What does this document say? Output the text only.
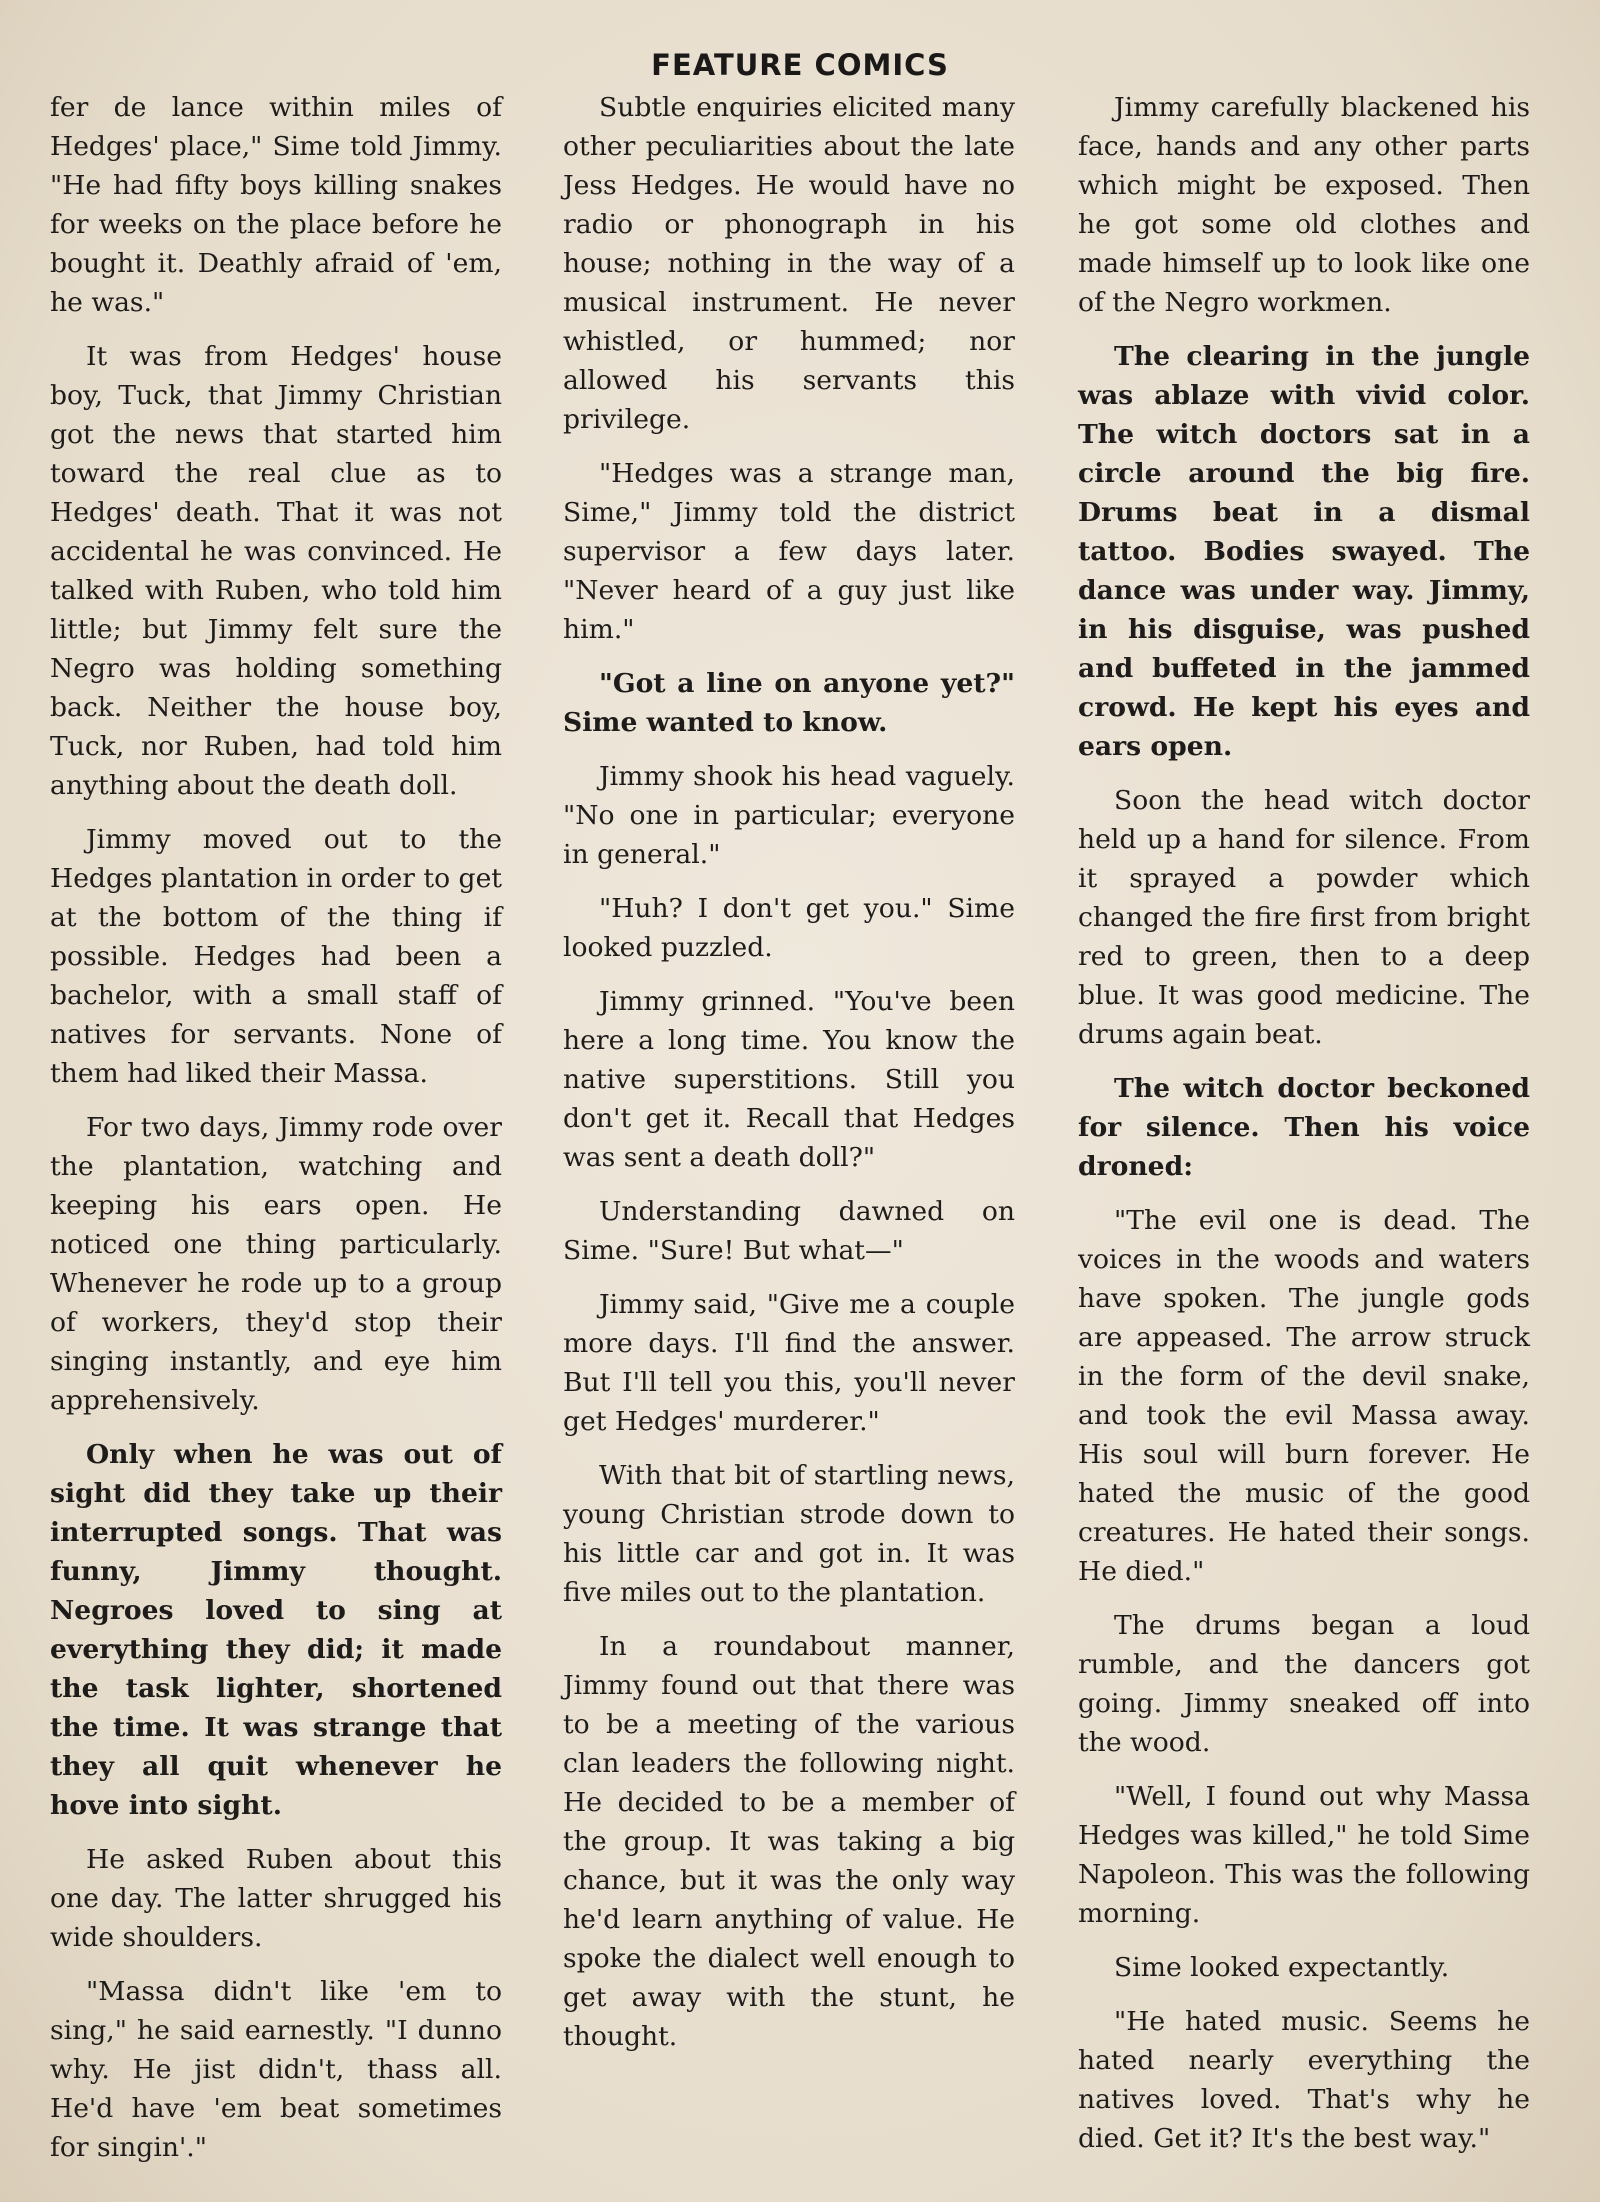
FEATURE COMICS

fer de lance within miles of Hedges' place," Sime told Jimmy. "He had fifty boys killing snakes for weeks on the place before he bought it. Deathly afraid of 'em, he was."

It was from Hedges' house boy, Tuck, that Jimmy Christian got the news that started him toward the real clue as to Hedges' death. That it was not accidental he was convinced. He talked with Ruben, who told him little; but Jimmy felt sure the Negro was holding something back. Neither the house boy, Tuck, nor Ruben, had told him anything about the death doll.

Jimmy moved out to the Hedges plantation in order to get at the bottom of the thing if possible. Hedges had been a bachelor, with a small staff of natives for servants. None of them had liked their Massa.

For two days, Jimmy rode over the plantation, watching and keeping his ears open. He noticed one thing particularly. Whenever he rode up to a group of workers, they'd stop their singing instantly, and eye him apprehensively.

Only when he was out of sight did they take up their interrupted songs. That was funny, Jimmy thought. Negroes loved to sing at everything they did; it made the task lighter, shortened the time. It was strange that they all quit whenever he hove into sight.

He asked Ruben about this one day. The latter shrugged his wide shoulders.

"Massa didn't like 'em to sing," he said earnestly. "I dunno why. He jist didn't, thass all. He'd have 'em beat sometimes for singin'."

Subtle enquiries elicited many other peculiarities about the late Jess Hedges. He would have no radio or phonograph in his house; nothing in the way of a musical instrument. He never whistled, or hummed; nor allowed his servants this privilege.

"Hedges was a strange man, Sime," Jimmy told the district supervisor a few days later. "Never heard of a guy just like him."

"Got a line on anyone yet?" Sime wanted to know.

Jimmy shook his head vaguely. "No one in particular; everyone in general."

"Huh? I don't get you." Sime looked puzzled.

Jimmy grinned. "You've been here a long time. You know the native superstitions. Still you don't get it. Recall that Hedges was sent a death doll?"

Understanding dawned on Sime. "Sure! But what—"

Jimmy said, "Give me a couple more days. I'll find the answer. But I'll tell you this, you'll never get Hedges' murderer."

With that bit of startling news, young Christian strode down to his little car and got in. It was five miles out to the plantation.

In a roundabout manner, Jimmy found out that there was to be a meeting of the various clan leaders the following night. He decided to be a member of the group. It was taking a big chance, but it was the only way he'd learn anything of value. He spoke the dialect well enough to get away with the stunt, he thought.

Jimmy carefully blackened his face, hands and any other parts which might be exposed. Then he got some old clothes and made himself up to look like one of the Negro workmen.

The clearing in the jungle was ablaze with vivid color. The witch doctors sat in a circle around the big fire. Drums beat in a dismal tattoo. Bodies swayed. The dance was under way. Jimmy, in his disguise, was pushed and buffeted in the jammed crowd. He kept his eyes and ears open.

Soon the head witch doctor held up a hand for silence. From it sprayed a powder which changed the fire first from bright red to green, then to a deep blue. It was good medicine. The drums again beat.

The witch doctor beckoned for silence. Then his voice droned:

"The evil one is dead. The voices in the woods and waters have spoken. The jungle gods are appeased. The arrow struck in the form of the devil snake, and took the evil Massa away. His soul will burn forever. He hated the music of the good creatures. He hated their songs. He died."

The drums began a loud rumble, and the dancers got going. Jimmy sneaked off into the wood.

"Well, I found out why Massa Hedges was killed," he told Sime Napoleon. This was the following morning.

Sime looked expectantly.

"He hated music. Seems he hated nearly everything the natives loved. That's why he died. Get it? It's the best way."
